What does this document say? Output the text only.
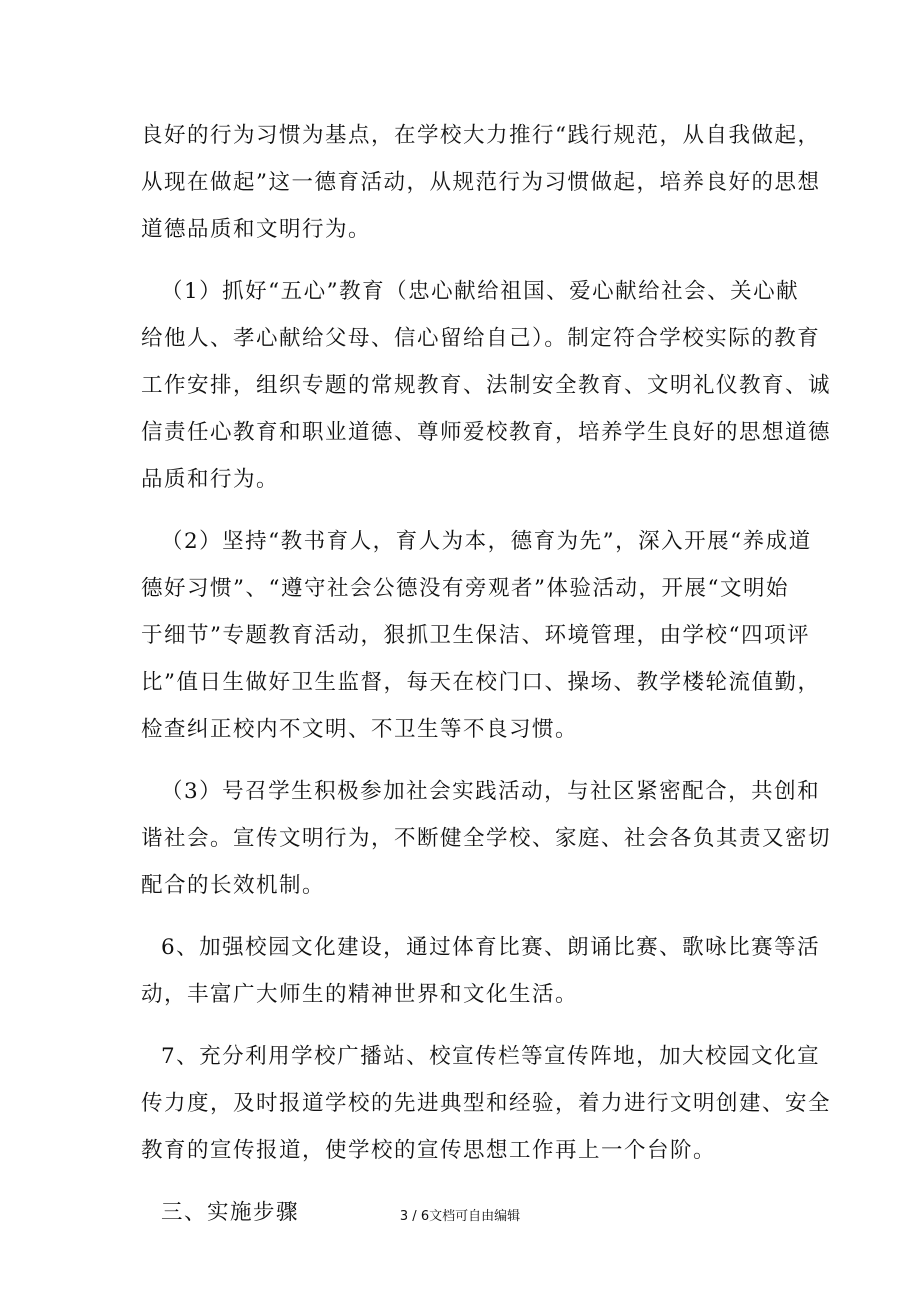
良好的行为习惯为基点，在学校大力推行“践行规范，从自我做起，
从现在做起”这一德育活动，从规范行为习惯做起，培养良好的思想
道德品质和文明行为。

（1）抓好“五心”教育（忠心献给祖国、爱心献给社会、关心献
给他人、孝心献给父母、信心留给自己）。制定符合学校实际的教育
工作安排，组织专题的常规教育、法制安全教育、文明礼仪教育、诚
信责任心教育和职业道德、尊师爱校教育，培养学生良好的思想道德
品质和行为。

（2）坚持“教书育人，育人为本，德育为先”，深入开展“养成道
德好习惯”、“遵守社会公德没有旁观者”体验活动，开展“文明始
于细节”专题教育活动，狠抓卫生保洁、环境管理，由学校“四项评
比”值日生做好卫生监督，每天在校门口、操场、教学楼轮流值勤，
检查纠正校内不文明、不卫生等不良习惯。

（3）号召学生积极参加社会实践活动，与社区紧密配合，共创和
谐社会。宣传文明行为，不断健全学校、家庭、社会各负其责又密切
配合的长效机制。

6、加强校园文化建设，通过体育比赛、朗诵比赛、歌咏比赛等活
动，丰富广大师生的精神世界和文化生活。

7、充分利用学校广播站、校宣传栏等宣传阵地，加大校园文化宣
传力度，及时报道学校的先进典型和经验，着力进行文明创建、安全
教育的宣传报道，使学校的宣传思想工作再上一个台阶。

三、实施步骤	3 / 6文档可自由编辑
